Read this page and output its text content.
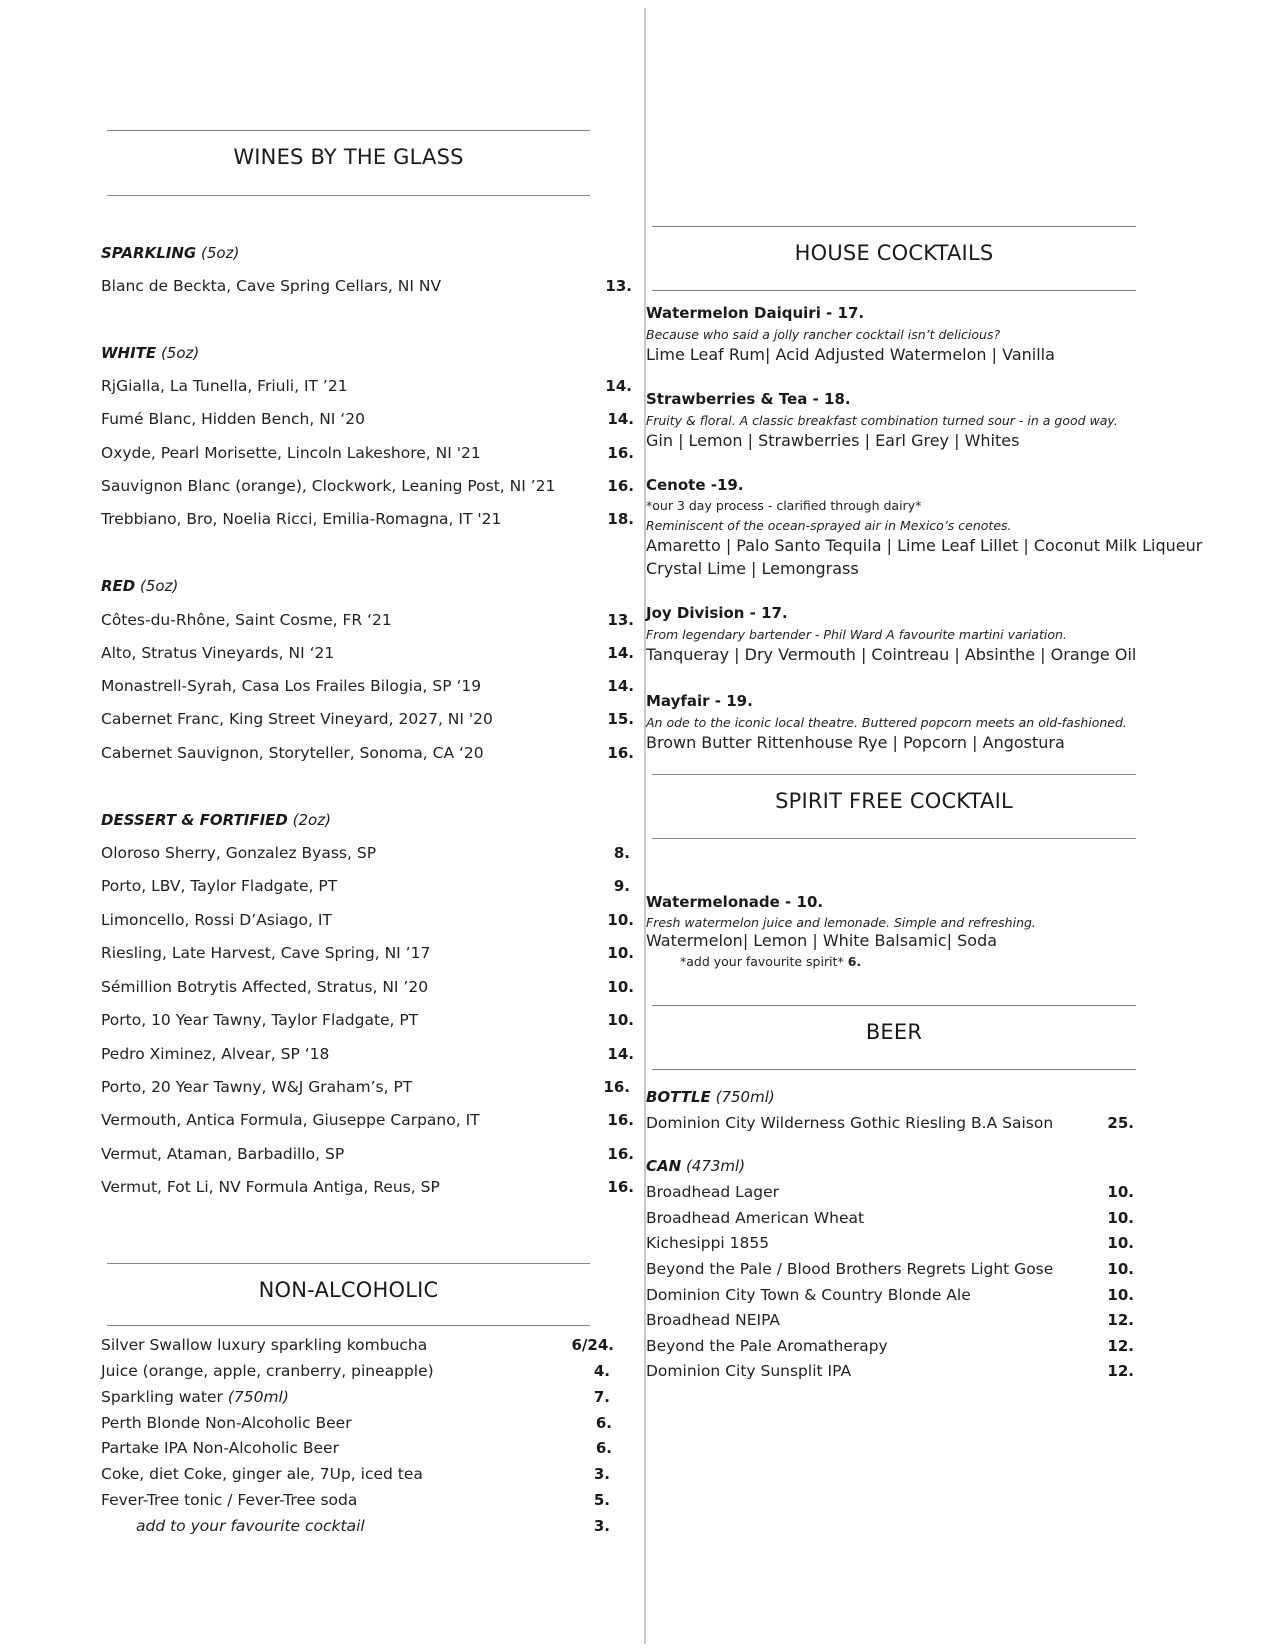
WINES BY THE GLASS
SPARKLING (5oz)
Blanc de Beckta, Cave Spring Cellars, NI NV	13.
WHITE (5oz)
RjGialla, La Tunella, Friuli, IT ’21	14.
Fumé Blanc, Hidden Bench, NI ‘20	14.
Oxyde, Pearl Morisette, Lincoln Lakeshore, NI '21	16.
Sauvignon Blanc (orange), Clockwork, Leaning Post, NI ’21	16.
Trebbiano, Bro, Noelia Ricci, Emilia-Romagna, IT '21	18.
RED (5oz)
Côtes-du-Rhône, Saint Cosme, FR ‘21	13.
Alto, Stratus Vineyards, NI ‘21	14.
Monastrell-Syrah, Casa Los Frailes Bilogia, SP ‘19	14.
Cabernet Franc, King Street Vineyard, 2027, NI '20	15.
Cabernet Sauvignon, Storyteller, Sonoma, CA ‘20	16.
DESSERT & FORTIFIED (2oz)
Oloroso Sherry, Gonzalez Byass, SP	8.
Porto, LBV, Taylor Fladgate, PT	9.
Limoncello, Rossi D’Asiago, IT	10.
Riesling, Late Harvest, Cave Spring, NI ’17	10.
Sémillion Botrytis Affected, Stratus, NI ’20	10.
Porto, 10 Year Tawny, Taylor Fladgate, PT	10.
Pedro Ximinez, Alvear, SP ‘18	14.
Porto, 20 Year Tawny, W&J Graham’s, PT	16.
Vermouth, Antica Formula, Giuseppe Carpano, IT	16.
Vermut, Ataman, Barbadillo, SP	16.
Vermut, Fot Li, NV Formula Antiga, Reus, SP	16.
NON-ALCOHOLIC
Silver Swallow luxury sparkling kombucha	6/24.
Juice (orange, apple, cranberry, pineapple)	4.
Sparkling water (750ml)	7.
Perth Blonde Non-Alcoholic Beer	6.
Partake IPA Non-Alcoholic Beer	6.
Coke, diet Coke, ginger ale, 7Up, iced tea	3.
Fever-Tree tonic / Fever-Tree soda	5.
add to your favourite cocktail	3.
HOUSE COCKTAILS
Watermelon Daiquiri - 17.
Because who said a jolly rancher cocktail isn’t delicious?
Lime Leaf Rum| Acid Adjusted Watermelon | Vanilla
Strawberries & Tea - 18.
Fruity & floral. A classic breakfast combination turned sour - in a good way.
Gin | Lemon | Strawberries | Earl Grey | Whites
Cenote -19.
*our 3 day process - clarified through dairy*
Reminiscent of the ocean-sprayed air in Mexico’s cenotes.
Amaretto | Palo Santo Tequila | Lime Leaf Lillet | Coconut Milk Liqueur
Crystal Lime | Lemongrass
Joy Division - 17.
From legendary bartender - Phil Ward A favourite martini variation.
Tanqueray | Dry Vermouth | Cointreau | Absinthe | Orange Oil
Mayfair - 19.
An ode to the iconic local theatre. Buttered popcorn meets an old-fashioned.
Brown Butter Rittenhouse Rye | Popcorn | Angostura
SPIRIT FREE COCKTAIL
Watermelonade - 10.
Fresh watermelon juice and lemonade. Simple and refreshing.
Watermelon| Lemon | White Balsamic| Soda
*add your favourite spirit* 6.
BEER
BOTTLE (750ml)
Dominion City Wilderness Gothic Riesling B.A Saison	25.
CAN (473ml)
Broadhead Lager	10.
Broadhead American Wheat	10.
Kichesippi 1855	10.
Beyond the Pale / Blood Brothers Regrets Light Gose	10.
Dominion City Town & Country Blonde Ale	10.
Broadhead NEIPA	12.
Beyond the Pale Aromatherapy	12.
Dominion City Sunsplit IPA	12.
